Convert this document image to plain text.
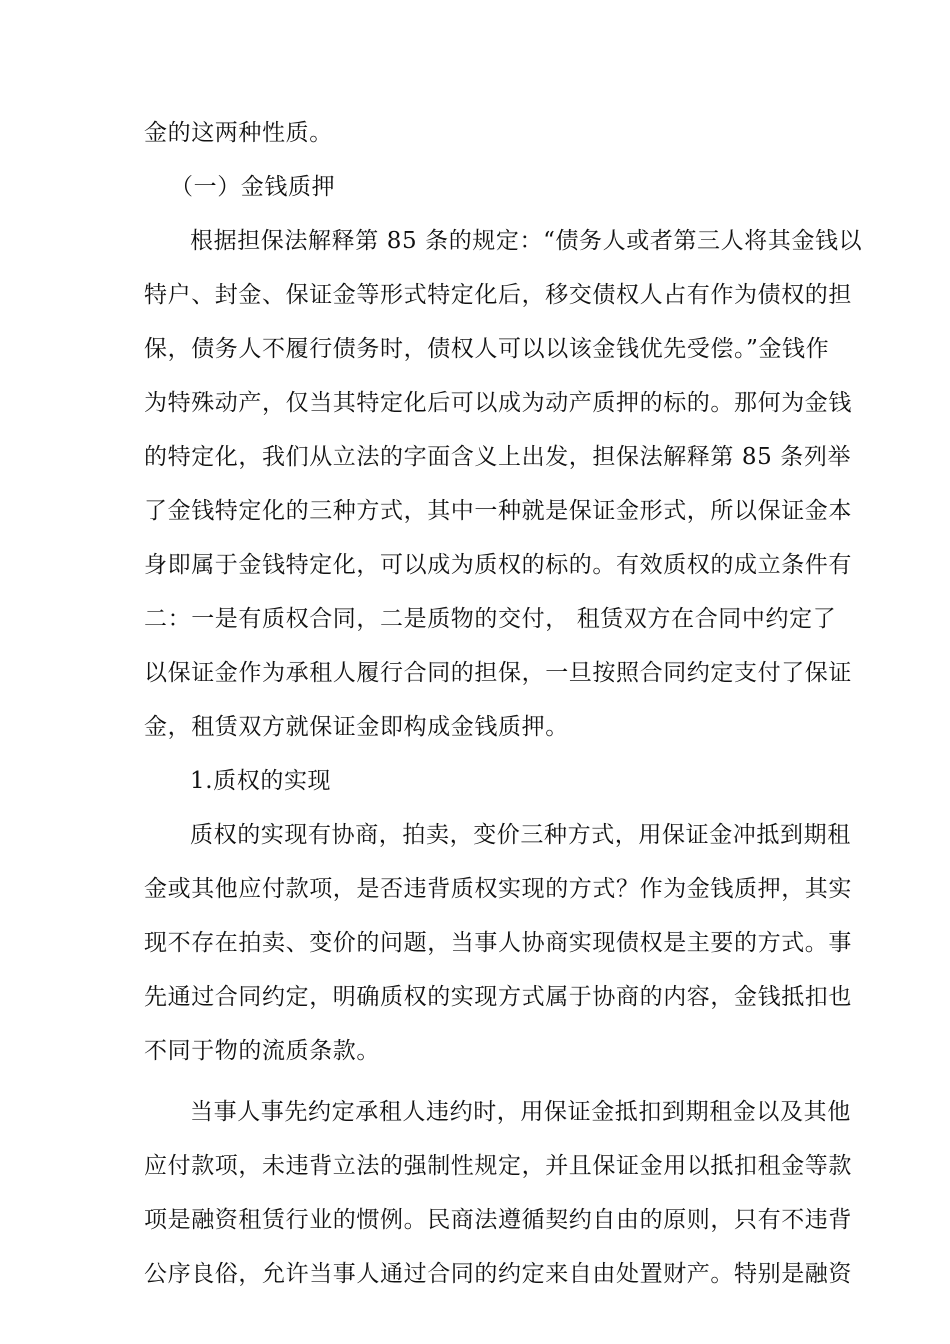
金的这两种性质。

（一）金钱质押

根据担保法解释第 85 条的规定：“债务人或者第三人将其金钱以

特户、封金、保证金等形式特定化后，移交债权人占有作为债权的担

保，债务人不履行债务时，债权人可以以该金钱优先受偿。”金钱作

为特殊动产，仅当其特定化后可以成为动产质押的标的。那何为金钱

的特定化，我们从立法的字面含义上出发，担保法解释第 85 条列举

了金钱特定化的三种方式，其中一种就是保证金形式，所以保证金本

身即属于金钱特定化，可以成为质权的标的。有效质权的成立条件有

二：一是有质权合同，二是质物的交付， 租赁双方在合同中约定了

以保证金作为承租人履行合同的担保，一旦按照合同约定支付了保证

金，租赁双方就保证金即构成金钱质押。

1.质权的实现

质权的实现有协商，拍卖，变价三种方式，用保证金冲抵到期租

金或其他应付款项，是否违背质权实现的方式？作为金钱质押，其实

现不存在拍卖、变价的问题，当事人协商实现债权是主要的方式。事

先通过合同约定，明确质权的实现方式属于协商的内容，金钱抵扣也

不同于物的流质条款。

当事人事先约定承租人违约时，用保证金抵扣到期租金以及其他

应付款项，未违背立法的强制性规定，并且保证金用以抵扣租金等款

项是融资租赁行业的惯例。民商法遵循契约自由的原则，只有不违背

公序良俗，允许当事人通过合同的约定来自由处置财产。特别是融资
